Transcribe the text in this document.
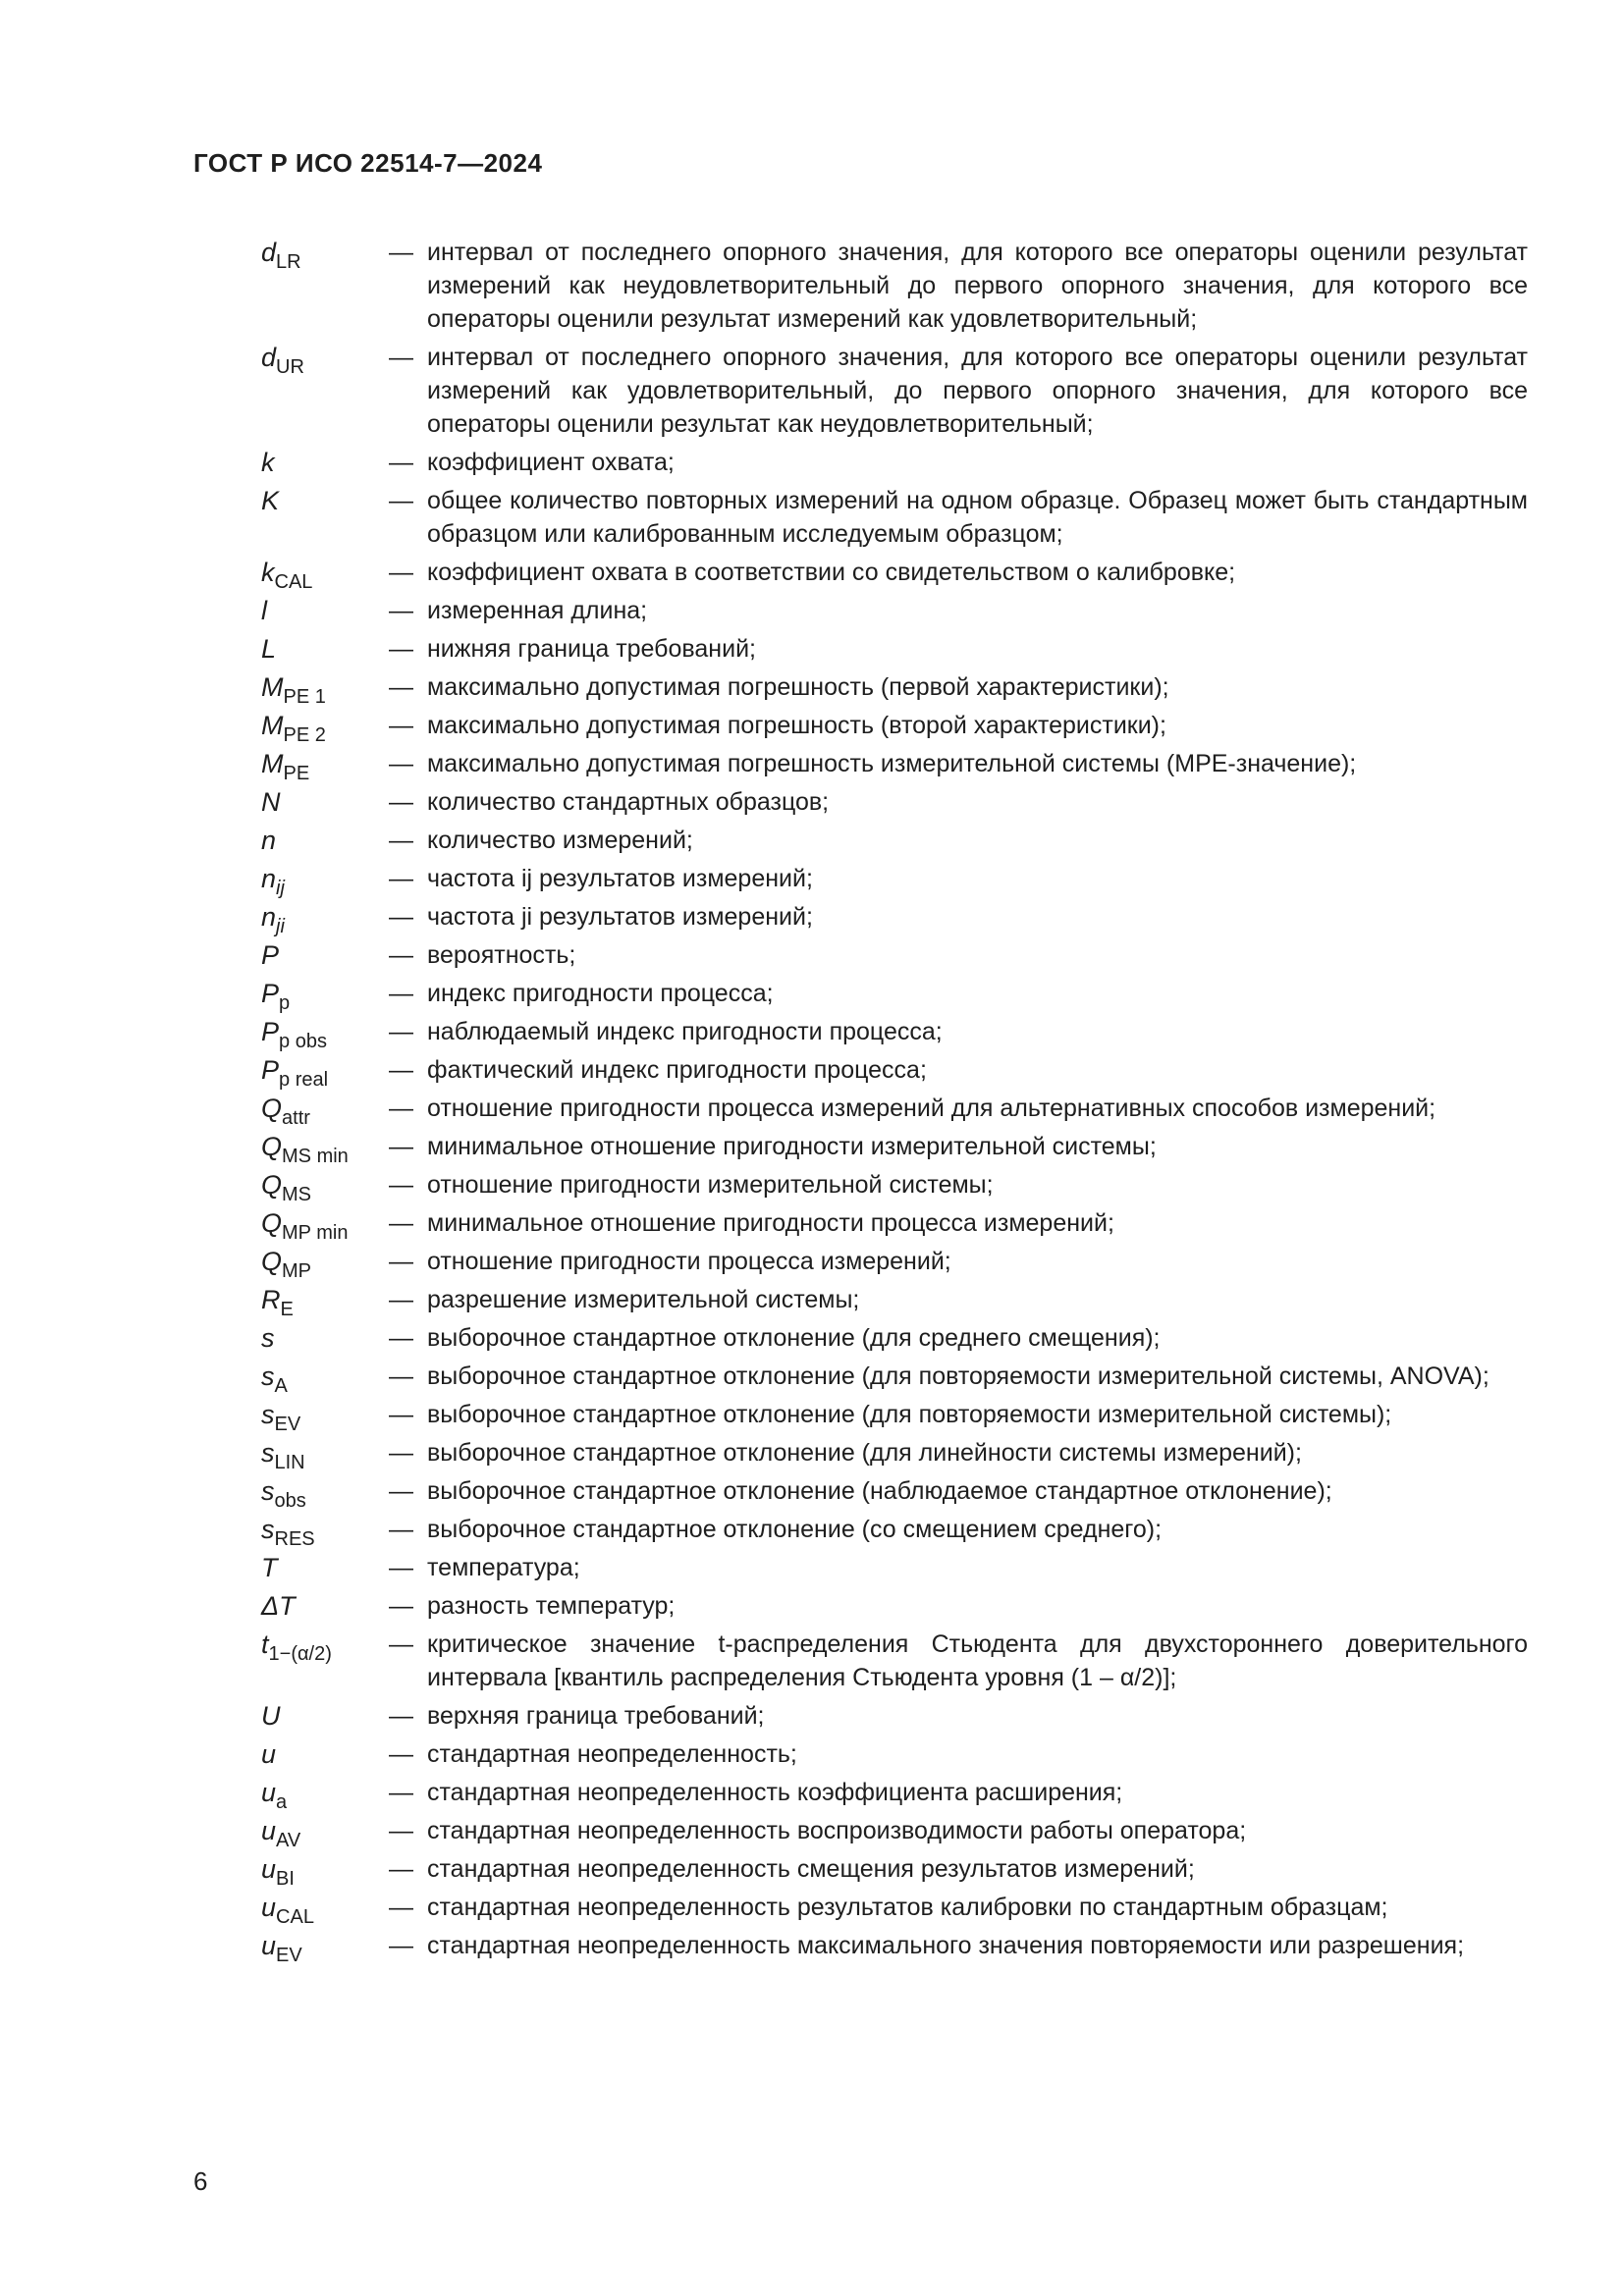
ГОСТ Р ИСО 22514-7—2024
$d_{LR}$	— интервал от последнего опорного значения, для которого все операторы оценили результат измерений как неудовлетворительный до первого опорного значения, для которого все операторы оценили результат измерений как удовлетворительный;
$d_{UR}$	— интервал от последнего опорного значения, для которого все операторы оценили результат измерений как удовлетворительный, до первого опорного значения, для которого все операторы оценили результат как неудовлетворительный;
k	— коэффициент охвата;
K	— общее количество повторных измерений на одном образце. Образец может быть стандартным образцом или калиброванным исследуемым образцом;
$k_{CAL}$	— коэффициент охвата в соответствии со свидетельством о калибровке;
l	— измеренная длина;
L	— нижняя граница требований;
$M_{PE 1}$	— максимально допустимая погрешность (первой характеристики);
$M_{PE 2}$	— максимально допустимая погрешность (второй характеристики);
$M_{PE}$	— максимально допустимая погрешность измерительной системы (MPE-значение);
N	— количество стандартных образцов;
n	— количество измерений;
$n_{ij}$	— частота ij результатов измерений;
$n_{ji}$	— частота ji результатов измерений;
P	— вероятность;
$P_p$	— индекс пригодности процесса;
$P_{p obs}$	— наблюдаемый индекс пригодности процесса;
$P_{p real}$	— фактический индекс пригодности процесса;
$Q_{attr}$	— отношение пригодности процесса измерений для альтернативных способов измерений;
$Q_{MS min}$	— минимальное отношение пригодности измерительной системы;
$Q_{MS}$	— отношение пригодности измерительной системы;
$Q_{MP min}$	— минимальное отношение пригодности процесса измерений;
$Q_{MP}$	— отношение пригодности процесса измерений;
$R_E$	— разрешение измерительной системы;
s	— выборочное стандартное отклонение (для среднего смещения);
$s_A$	— выборочное стандартное отклонение (для повторяемости измерительной системы, ANOVA);
$s_{EV}$	— выборочное стандартное отклонение (для повторяемости измерительной системы);
$s_{LIN}$	— выборочное стандартное отклонение (для линейности системы измерений);
$s_{obs}$	— выборочное стандартное отклонение (наблюдаемое стандартное отклонение);
$s_{RES}$	— выборочное стандартное отклонение (со смещением среднего);
T	— температура;
ΔT	— разность температур;
$t_{1-(\alpha/2)}$	— критическое значение t-распределения Стьюдента для двухстороннего доверительного интервала [квантиль распределения Стьюдента уровня (1 – α/2)];
U	— верхняя граница требований;
u	— стандартная неопределенность;
$u_a$	— стандартная неопределенность коэффициента расширения;
$u_{AV}$	— стандартная неопределенность воспроизводимости работы оператора;
$u_{BI}$	— стандартная неопределенность смещения результатов измерений;
$u_{CAL}$	— стандартная неопределенность результатов калибровки по стандартным образцам;
$u_{EV}$	— стандартная неопределенность максимального значения повторяемости или разрешения;
6
